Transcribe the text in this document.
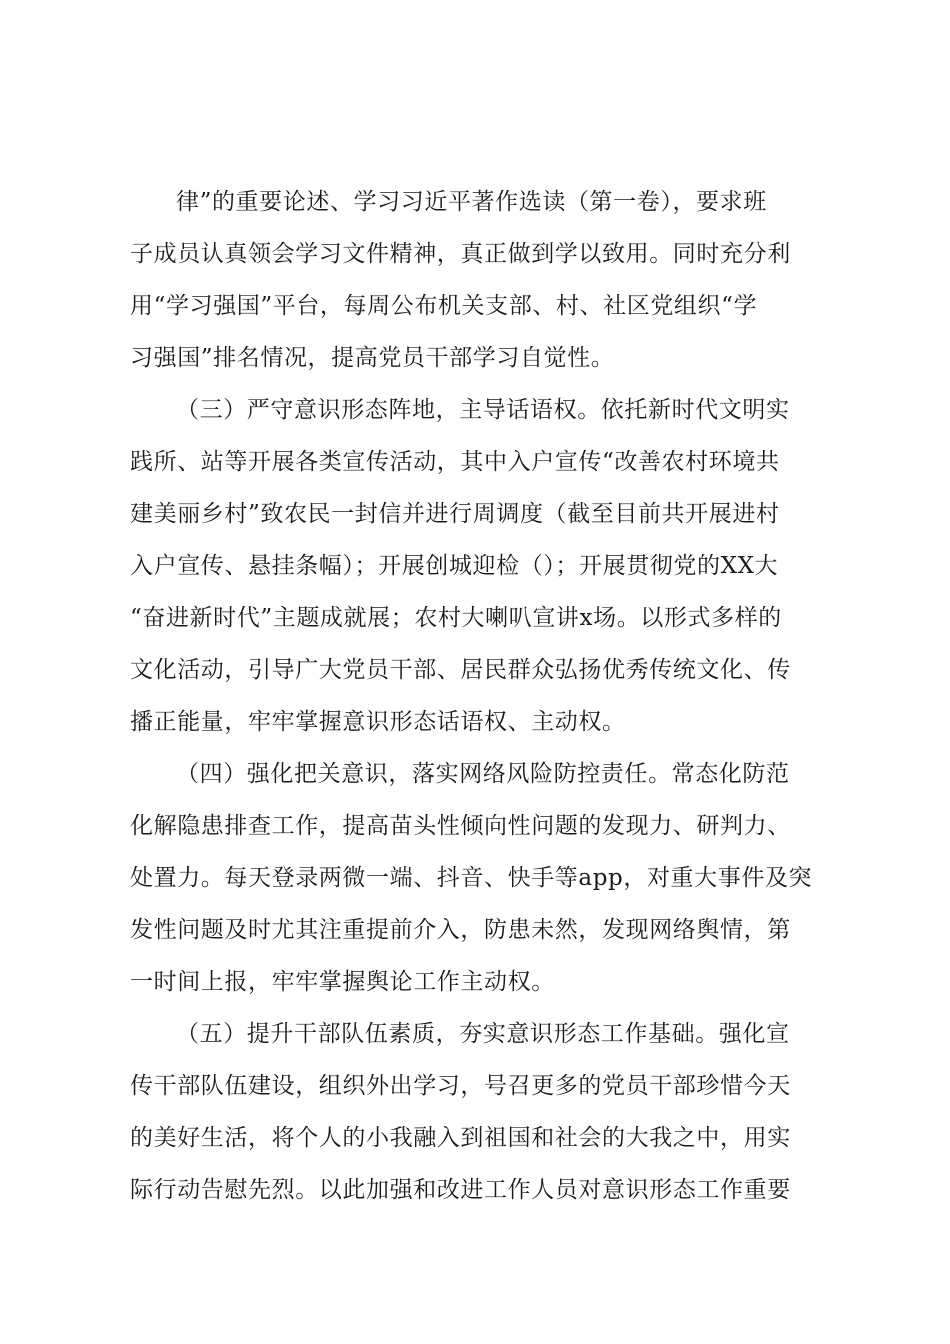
律”的重要论述、学习习近平著作选读（第一卷），要求班
子成员认真领会学习文件精神，真正做到学以致用。同时充分利
用“学习强国”平台，每周公布机关支部、村、社区党组织“学
习强国”排名情况，提高党员干部学习自觉性。
（三）严守意识形态阵地，主导话语权。依托新时代文明实
践所、站等开展各类宣传活动，其中入户宣传“改善农村环境共
建美丽乡村”致农民一封信并进行周调度（截至目前共开展进村
入户宣传、悬挂条幅）；开展创城迎检（）；开展贯彻党的XX大
“奋进新时代”主题成就展；农村大喇叭宣讲x场。以形式多样的
文化活动，引导广大党员干部、居民群众弘扬优秀传统文化、传
播正能量，牢牢掌握意识形态话语权、主动权。
（四）强化把关意识，落实网络风险防控责任。常态化防范
化解隐患排查工作，提高苗头性倾向性问题的发现力、研判力、
处置力。每天登录两微一端、抖音、快手等app，对重大事件及突
发性问题及时尤其注重提前介入，防患未然，发现网络舆情，第
一时间上报，牢牢掌握舆论工作主动权。
（五）提升干部队伍素质，夯实意识形态工作基础。强化宣
传干部队伍建设，组织外出学习，号召更多的党员干部珍惜今天
的美好生活，将个人的小我融入到祖国和社会的大我之中，用实
际行动告慰先烈。以此加强和改进工作人员对意识形态工作重要
